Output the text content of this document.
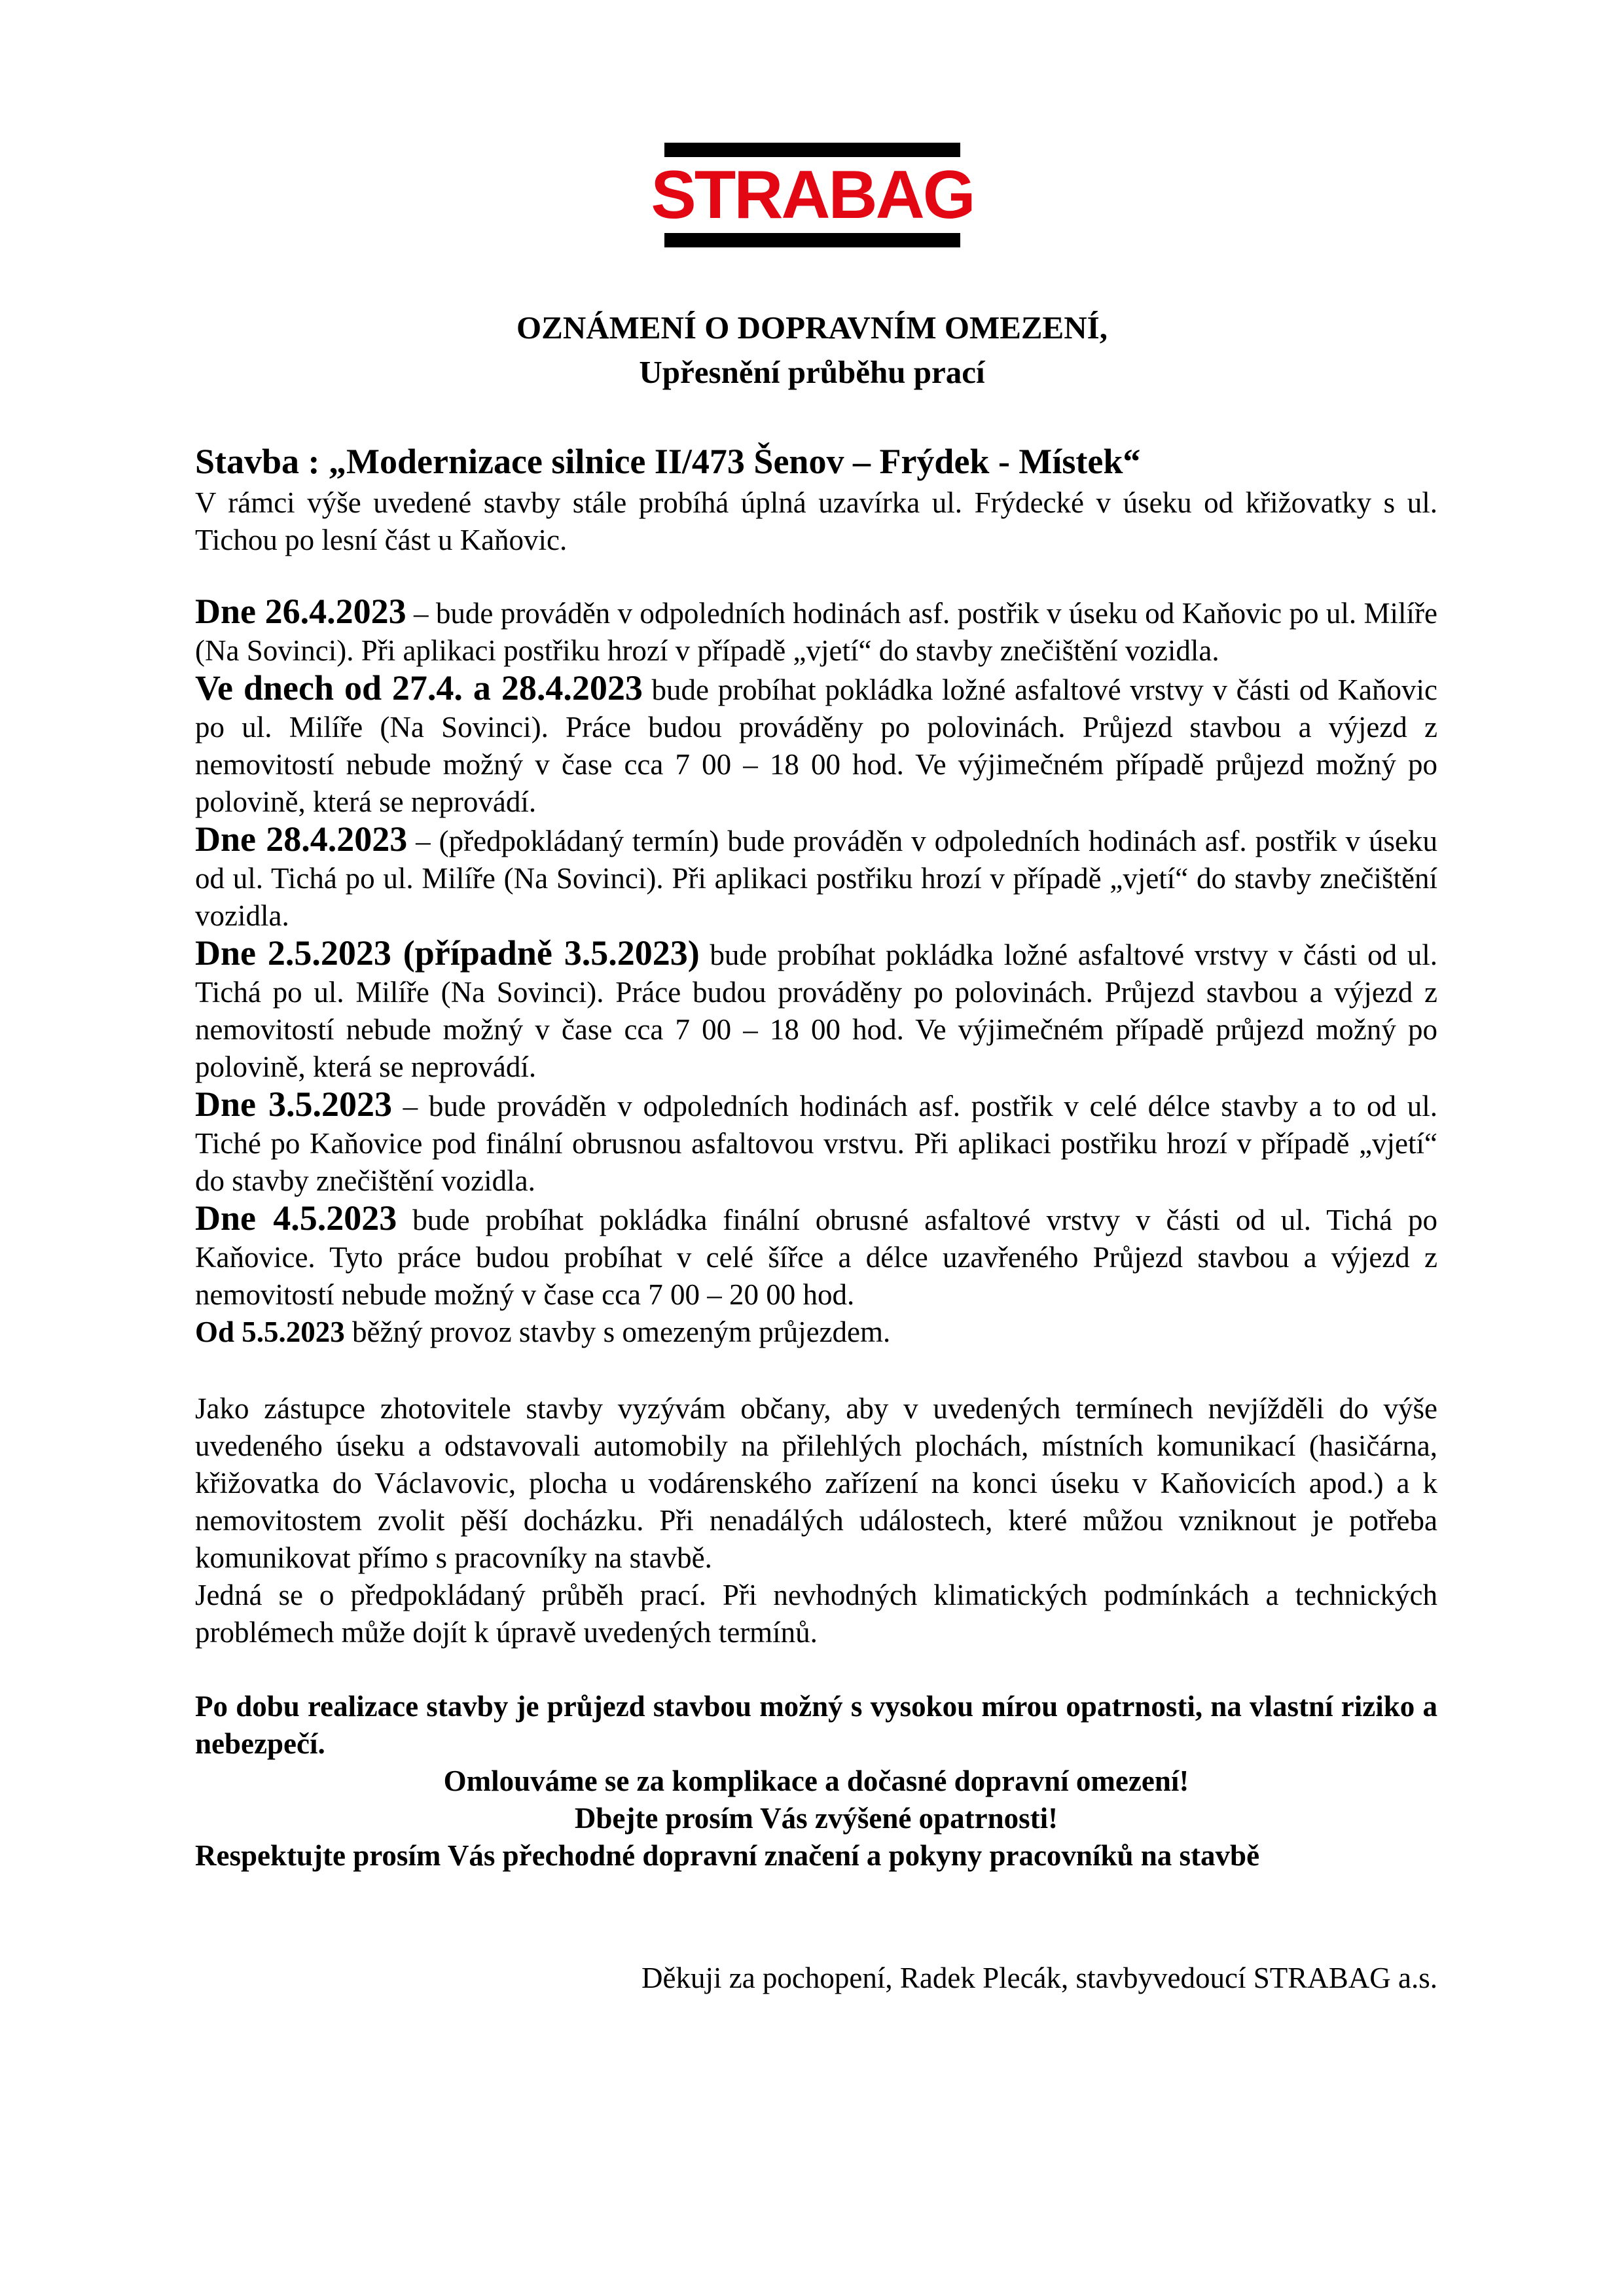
STRABAG
OZNÁMENÍ O DOPRAVNÍM OMEZENÍ,
Upřesnění průběhu prací

Stavba : „Modernizace silnice II/473 Šenov – Frýdek - Místek“

V rámci výše uvedené stavby stále probíhá úplná uzavírka ul. Frýdecké v úseku od křižovatky s ul. Tichou po lesní část u Kaňovic.

Dne 26.4.2023 – bude prováděn v odpoledních hodinách asf. postřik v úseku od Kaňovic po ul. Milíře (Na Sovinci). Při aplikaci postřiku hrozí v případě „vjetí“ do stavby znečištění vozidla.

Ve dnech od 27.4. a 28.4.2023 bude probíhat pokládka ložné asfaltové vrstvy v části od Kaňovic po ul. Milíře (Na Sovinci). Práce budou prováděny po polovinách. Průjezd stavbou a výjezd z nemovitostí nebude možný v čase cca 7 00 – 18 00 hod. Ve výjimečném případě průjezd možný po polovině, která se neprovádí.

Dne 28.4.2023 – (předpokládaný termín) bude prováděn v odpoledních hodinách asf. postřik v úseku od ul. Tichá po ul. Milíře (Na Sovinci). Při aplikaci postřiku hrozí v případě „vjetí“ do stavby znečištění vozidla.

Dne 2.5.2023 (případně 3.5.2023) bude probíhat pokládka ložné asfaltové vrstvy v části od ul. Tichá po ul. Milíře (Na Sovinci). Práce budou prováděny po polovinách. Průjezd stavbou a výjezd z nemovitostí nebude možný v čase cca 7 00 – 18 00 hod. Ve výjimečném případě průjezd možný po polovině, která se neprovádí.

Dne 3.5.2023 – bude prováděn v odpoledních hodinách asf. postřik v celé délce stavby a to od ul. Tiché po Kaňovice pod finální obrusnou asfaltovou vrstvu. Při aplikaci postřiku hrozí v případě „vjetí“ do stavby znečištění vozidla.

Dne 4.5.2023 bude probíhat pokládka finální obrusné asfaltové vrstvy v části od ul. Tichá po Kaňovice. Tyto práce budou probíhat v celé šířce a délce uzavřeného Průjezd stavbou a výjezd z nemovitostí nebude možný v čase cca 7 00 – 20 00 hod.

Od 5.5.2023 běžný provoz stavby s omezeným průjezdem.

Jako zástupce zhotovitele stavby vyzývám občany, aby v uvedených termínech nevjížděli do výše uvedeného úseku a odstavovali automobily na přilehlých plochách, místních komunikací (hasičárna, křižovatka do Václavovic, plocha u vodárenského zařízení na konci úseku v Kaňovicích apod.) a k nemovitostem zvolit pěší docházku. Při nenadálých událostech, které můžou vzniknout je potřeba komunikovat přímo s pracovníky na stavbě.

Jedná se o předpokládaný průběh prací. Při nevhodných klimatických podmínkách a technických problémech může dojít k úpravě uvedených termínů.

Po dobu realizace stavby je průjezd stavbou možný s vysokou mírou opatrnosti, na vlastní riziko a nebezpečí.

Omlouváme se za komplikace a dočasné dopravní omezení!

Dbejte prosím Vás zvýšené opatrnosti!

Respektujte prosím Vás přechodné dopravní značení a pokyny pracovníků na stavbě

Děkuji za pochopení, Radek Plecák, stavbyvedoucí STRABAG a.s.
